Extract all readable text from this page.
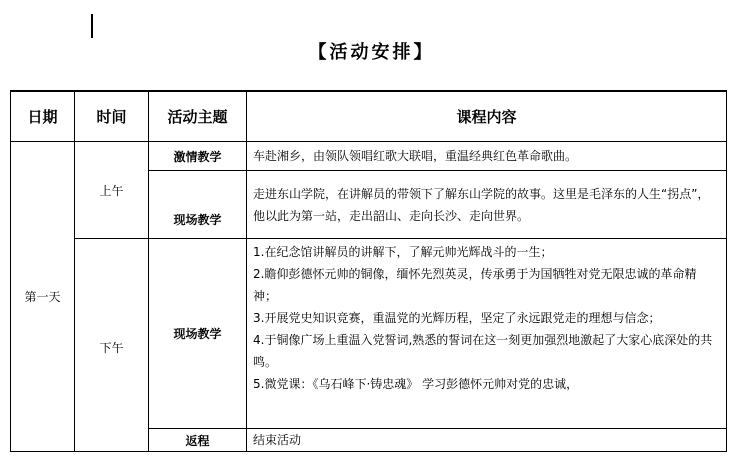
【活动安排】
日期	时间	活动主题	课程内容
第一天	上午	激情教学	车赴湘乡，由领队领唱红歌大联唱，重温经典红色革命歌曲。
		现场教学	走进东山学院，在讲解员的带领下了解东山学院的故事。这里是毛泽东的人生“拐点”，他以此为第一站，走出韶山、走向长沙、走向世界。
	下午	现场教学	1.在纪念馆讲解员的讲解下，了解元帅光辉战斗的一生；
2.瞻仰彭德怀元帅的铜像，缅怀先烈英灵，传承勇于为国牺牲对党无限忠诚的革命精神；
3.开展党史知识竞赛，重温党的光辉历程，坚定了永远跟党走的理想与信念；
4.于铜像广场上重温入党誓词,熟悉的誓词在这一刻更加强烈地激起了大家心底深处的共鸣。
5.微党课：《乌石峰下·铸忠魂》 学习彭德怀元帅对党的忠诚，

		返程	结束活动
